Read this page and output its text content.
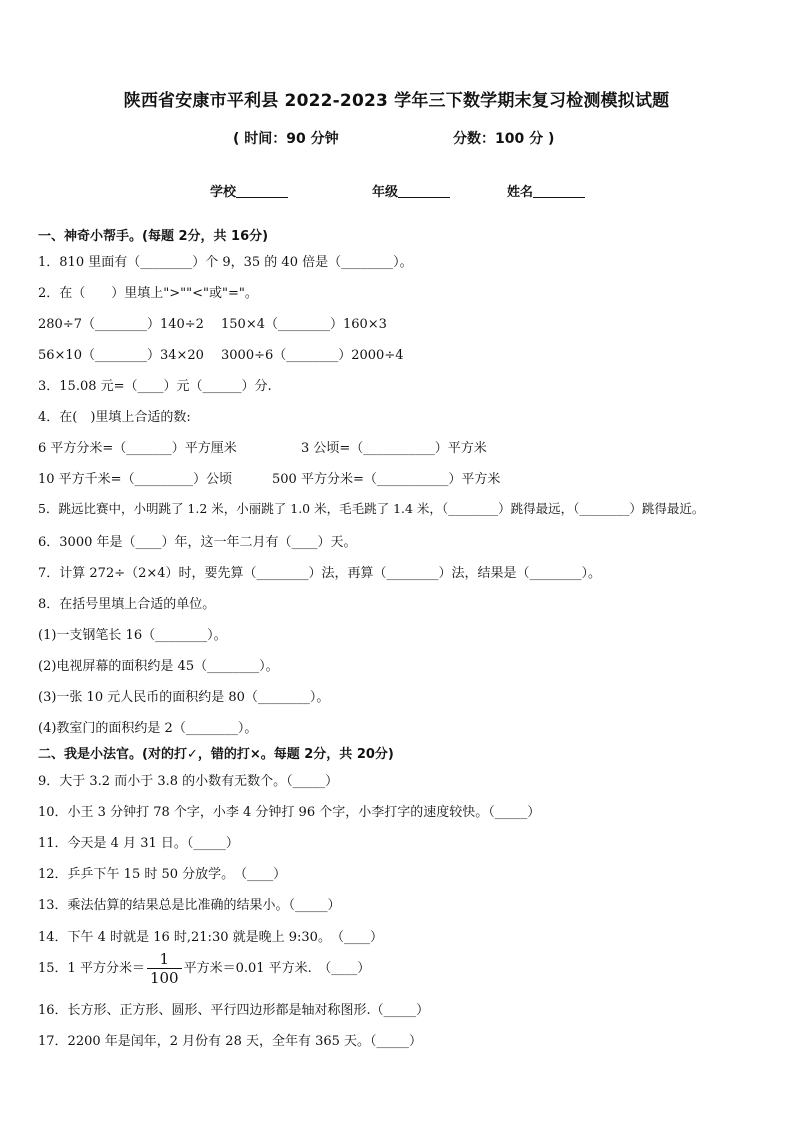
陕西省安康市平利县 2022-2023 学年三下数学期末复习检测模拟试题
( 时间：90 分钟	分数：100 分 )
学校	年级	姓名
一、神奇小帮手。(每题 2分，共 16分)
1．810 里面有（________）个 9，35 的 40 倍是（________）。
2．在（　　）里填上">""<"或"="。
280÷7（________）140÷2 150×4（________）160×3
56×10（________）34×20 3000÷6（________）2000÷4
3．15.08 元=（____）元（______）分.
4．在(　)里填上合适的数:
6 平方分米=（_______）平方厘米	3 公顷=（___________）平方米
10 平方千米=（_________）公顷	500 平方分米=（___________）平方米
5．跳远比赛中，小明跳了 1.2 米，小丽跳了 1.0 米，毛毛跳了 1.4 米，（________）跳得最远，（________）跳得最近。
6．3000 年是（____）年，这一年二月有（____）天。
7．计算 272÷（2×4）时，要先算（________）法，再算（________）法，结果是（________）。
8．在括号里填上合适的单位。
(1)一支钢笔长 16（________）。
(2)电视屏幕的面积约是 45（________）。
(3)一张 10 元人民币的面积约是 80（________）。
(4)教室门的面积约是 2（________）。
二、我是小法官。(对的打✓，错的打×。每题 2分，共 20分)
9．大于 3.2 而小于 3.8 的小数有无数个。（_____）
10．小王 3 分钟打 78 个字，小李 4 分钟打 96 个字，小李打字的速度较快。（_____）
11．今天是 4 月 31 日。（_____）
12．乒乒下午 15 时 50 分放学。　（____）
13．乘法估算的结果总是比准确的结果小。（_____）
14．下午 4 时就是 16 时,21:30 就是晚上 9:30。　（____）
15．1 平方分米＝ $\frac{1}{100}$ 平方米＝0.01 平方米.　（____）
16．长方形、正方形、圆形、平行四边形都是轴对称图形.（_____）
17．2200 年是闰年，2 月份有 28 天，全年有 365 天。（_____）
